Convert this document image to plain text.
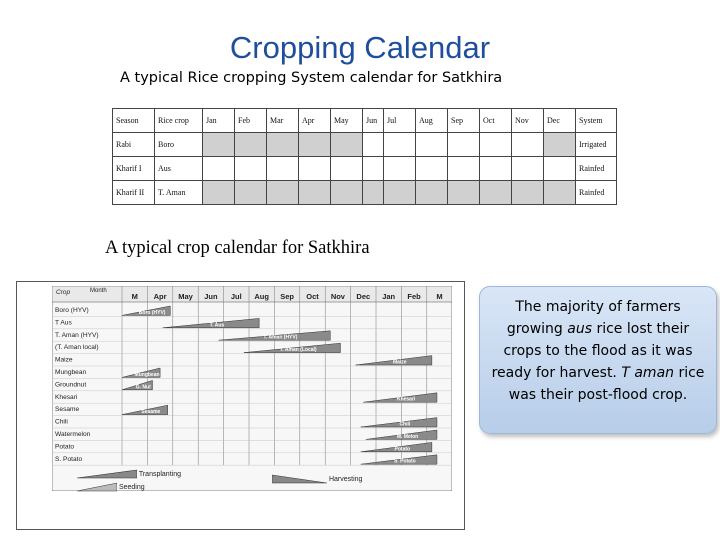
Cropping Calendar
A typical Rice cropping System calendar for Satkhira
Season	Rice crop	Jan	Feb	Mar	Apr	May	Jun	Jul	Aug	Sep	Oct	Nov	Dec	System
Rabi	Boro													Irrigated
Kharif I	Aus													Rainfed
Kharif II	T. Aman													Rainfed
A typical crop calendar for Satkhira
Crop	Month
M Apr May Jun Jul Aug Sep Oct Nov Dec Jan Feb M
Boro (HYV)
T Aus
T. Aman (HYV)
(T. Aman local)
Maize
Mungbean
Groundnut
Khesari
Sesame
Chili
Watermelon
Potato
S. Potato
Boro (HYV)
T. Aus
T. Aman (HYV)
T. Aman (Local)
Maize
Mungbean
G. Nut
Khesari
Sesame
Chili
W. Melon
Potato
S. Potato
Transplanting
Seeding
Harvesting
The majority of farmers growing aus rice lost their crops to the flood as it was ready for harvest. T aman rice was their post-flood crop.
